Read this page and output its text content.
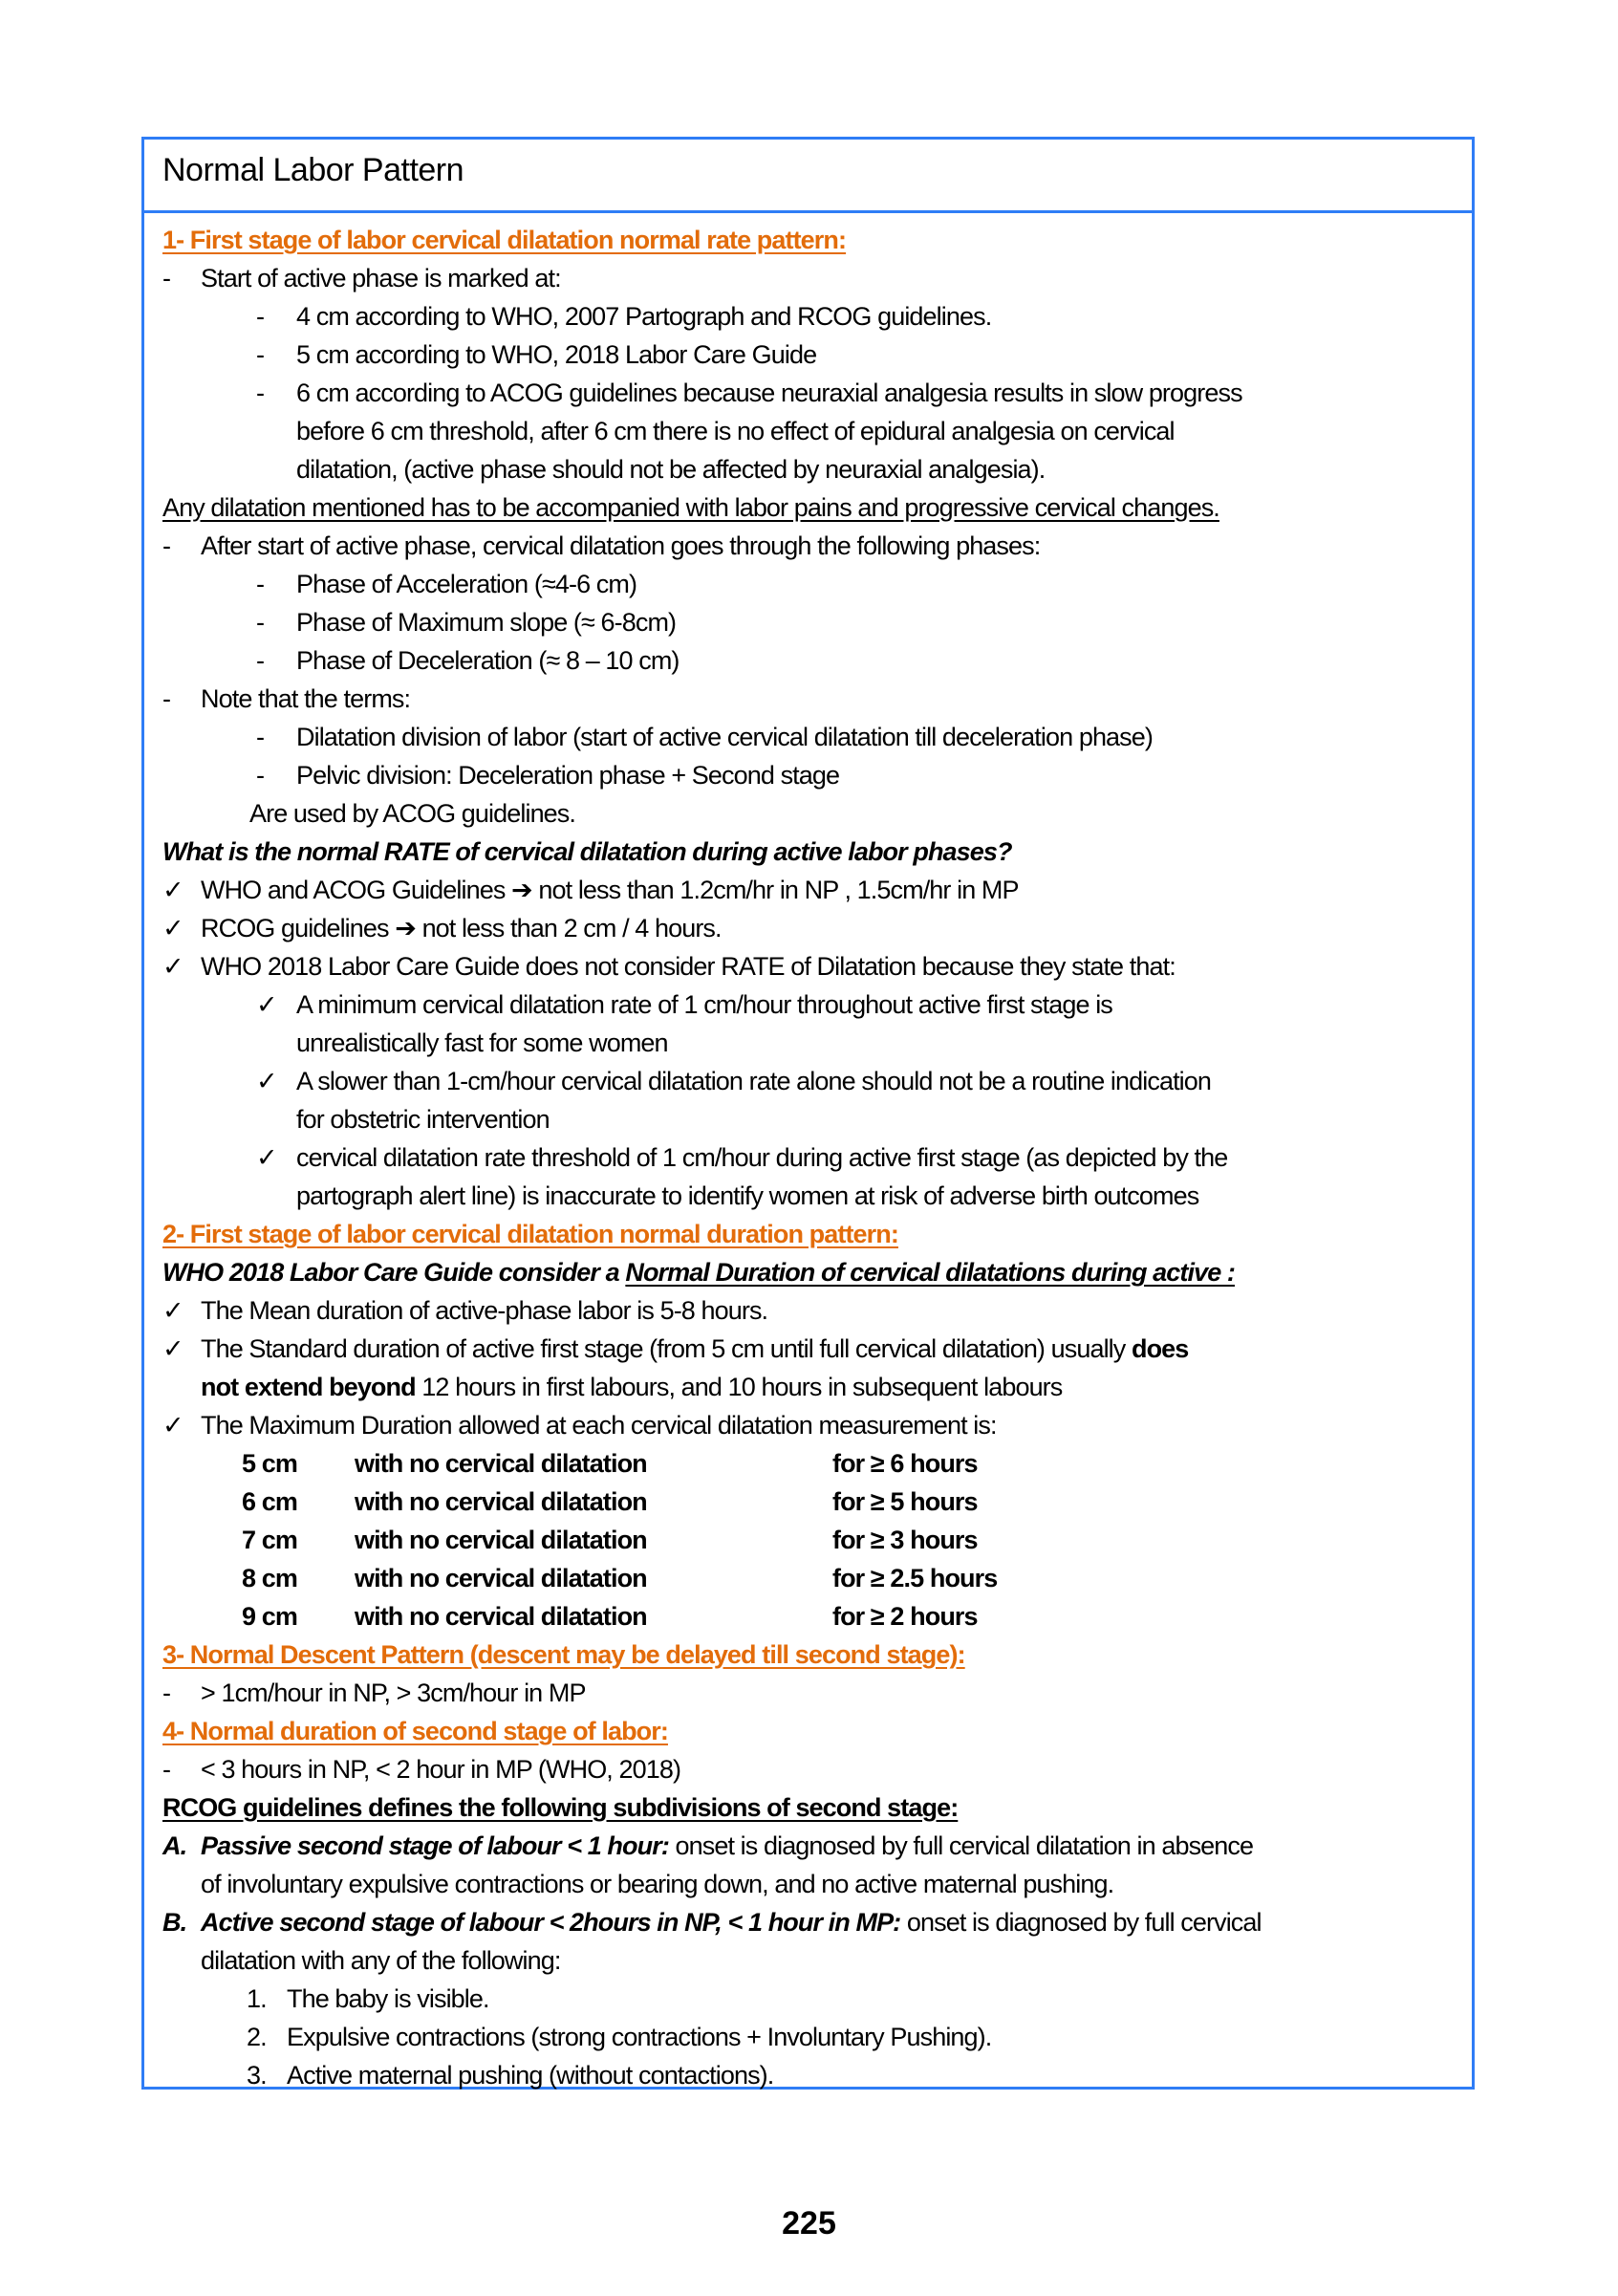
Normal Labor Pattern
1- First stage of labor cervical dilatation normal rate pattern:
- Start of active phase is marked at:
- 4 cm according to WHO, 2007 Partograph and RCOG guidelines.
- 5 cm according to WHO, 2018 Labor Care Guide
- 6 cm according to ACOG guidelines because neuraxial analgesia results in slow progress
before 6 cm threshold, after 6 cm there is no effect of epidural analgesia on cervical
dilatation, (active phase should not be affected by neuraxial analgesia).
Any dilatation mentioned has to be accompanied with labor pains and progressive cervical changes.
- After start of active phase, cervical dilatation goes through the following phases:
- Phase of Acceleration (≈4-6 cm)
- Phase of Maximum slope (≈ 6-8cm)
- Phase of Deceleration (≈ 8 – 10 cm)
- Note that the terms:
- Dilatation division of labor (start of active cervical dilatation till deceleration phase)
- Pelvic division: Deceleration phase + Second stage
Are used by ACOG guidelines.
What is the normal RATE of cervical dilatation during active labor phases?
✓ WHO and ACOG Guidelines ➔ not less than 1.2cm/hr in NP , 1.5cm/hr in MP
✓ RCOG guidelines ➔ not less than 2 cm / 4 hours.
✓ WHO 2018 Labor Care Guide does not consider RATE of Dilatation because they state that:
✓ A minimum cervical dilatation rate of 1 cm/hour throughout active first stage is
unrealistically fast for some women
✓ A slower than 1-cm/hour cervical dilatation rate alone should not be a routine indication
for obstetric intervention
✓ cervical dilatation rate threshold of 1 cm/hour during active first stage (as depicted by the
partograph alert line) is inaccurate to identify women at risk of adverse birth outcomes
2- First stage of labor cervical dilatation normal duration pattern:
WHO 2018 Labor Care Guide consider a Normal Duration of cervical dilatations during active :
✓ The Mean duration of active-phase labor is 5-8 hours.
✓ The Standard duration of active first stage (from 5 cm until full cervical dilatation) usually does
not extend beyond 12 hours in first labours, and 10 hours in subsequent labours
✓ The Maximum Duration allowed at each cervical dilatation measurement is:
5 cm with no cervical dilatation	for ≥ 6 hours
6 cm with no cervical dilatation	for ≥ 5 hours
7 cm with no cervical dilatation	for ≥ 3 hours
8 cm with no cervical dilatation	for ≥ 2.5 hours
9 cm with no cervical dilatation	for ≥ 2 hours
3- Normal Descent Pattern (descent may be delayed till second stage):
- > 1cm/hour in NP, > 3cm/hour in MP
4- Normal duration of second stage of labor:
- < 3 hours in NP, < 2 hour in MP (WHO, 2018)
RCOG guidelines defines the following subdivisions of second stage:
A. Passive second stage of labour < 1 hour: onset is diagnosed by full cervical dilatation in absence
of involuntary expulsive contractions or bearing down, and no active maternal pushing.
B. Active second stage of labour < 2hours in NP, < 1 hour in MP: onset is diagnosed by full cervical
dilatation with any of the following:
1. The baby is visible.
2. Expulsive contractions (strong contractions + Involuntary Pushing).
3. Active maternal pushing (without contactions).
225
